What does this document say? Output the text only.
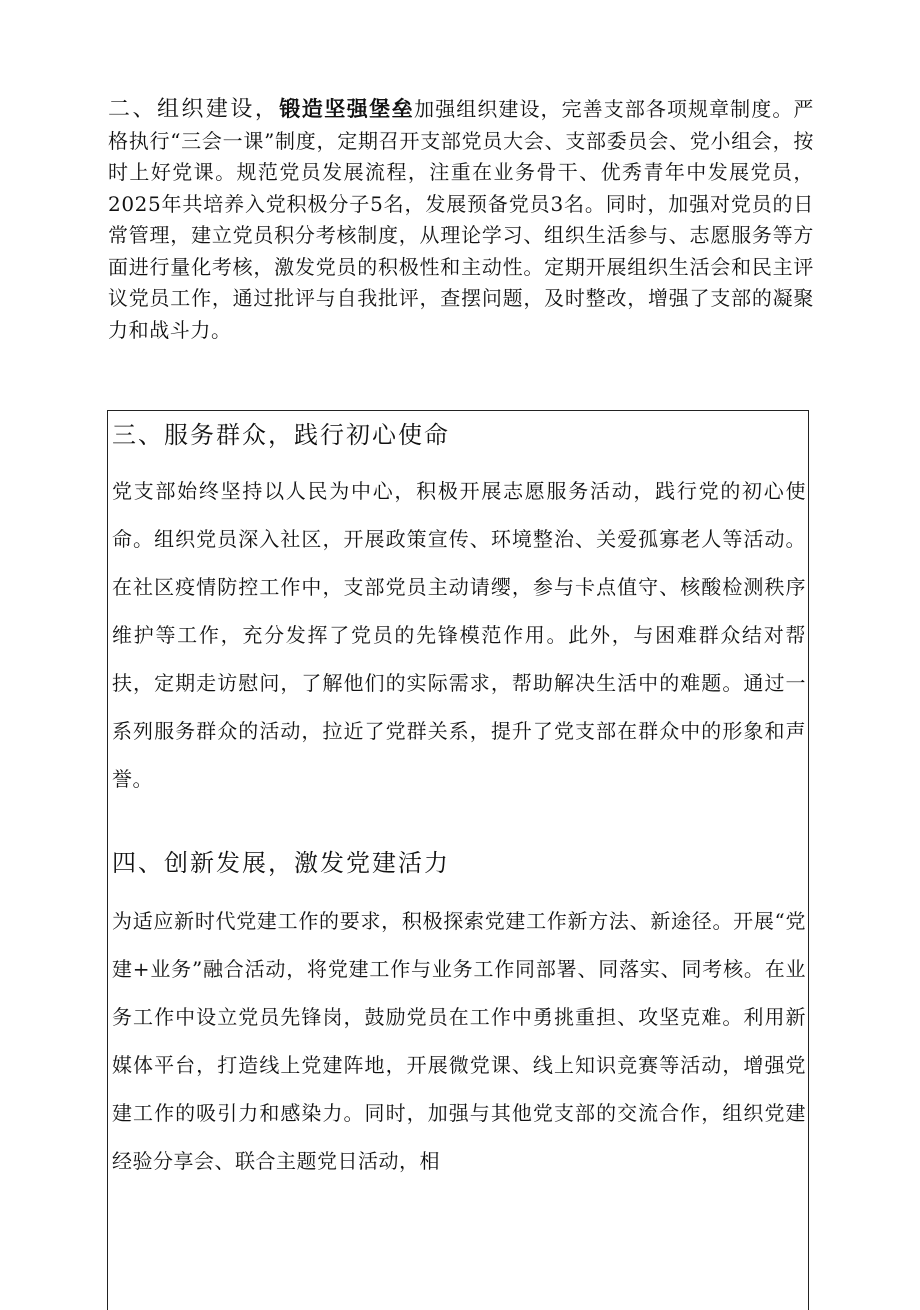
二、组织建设，锻造坚强堡垒加强组织建设，完善支部各项规章制度。严格执行“三会一课”制度，定期召开支部党员大会、支部委员会、党小组会，按时上好党课。规范党员发展流程，注重在业务骨干、优秀青年中发展党员，2025年共培养入党积极分子5名，发展预备党员3名。同时，加强对党员的日常管理，建立党员积分考核制度，从理论学习、组织生活参与、志愿服务等方面进行量化考核，激发党员的积极性和主动性。定期开展组织生活会和民主评议党员工作，通过批评与自我批评，查摆问题，及时整改，增强了支部的凝聚力和战斗力。
三、服务群众，践行初心使命
党支部始终坚持以人民为中心，积极开展志愿服务活动，践行党的初心使命。组织党员深入社区，开展政策宣传、环境整治、关爱孤寡老人等活动。在社区疫情防控工作中，支部党员主动请缨，参与卡点值守、核酸检测秩序维护等工作，充分发挥了党员的先锋模范作用。此外，与困难群众结对帮扶，定期走访慰问，了解他们的实际需求，帮助解决生活中的难题。通过一系列服务群众的活动，拉近了党群关系，提升了党支部在群众中的形象和声誉。
四、创新发展，激发党建活力
为适应新时代党建工作的要求，积极探索党建工作新方法、新途径。开展“党建+业务”融合活动，将党建工作与业务工作同部署、同落实、同考核。在业务工作中设立党员先锋岗，鼓励党员在工作中勇挑重担、攻坚克难。利用新媒体平台，打造线上党建阵地，开展微党课、线上知识竞赛等活动，增强党建工作的吸引力和感染力。同时，加强与其他党支部的交流合作，组织党建经验分享会、联合主题党日活动，相
